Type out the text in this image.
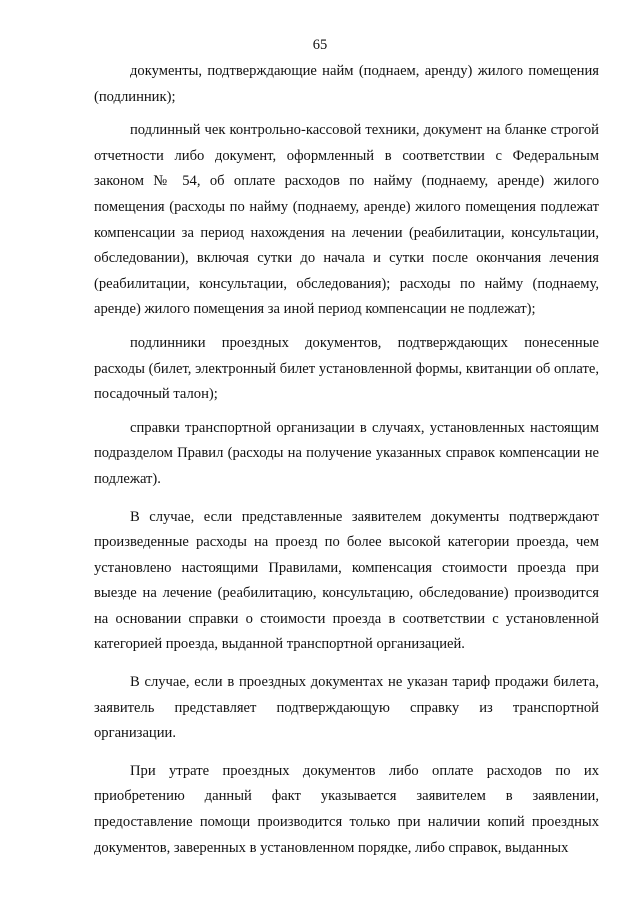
65

документы, подтверждающие найм (поднаем, аренду) жилого помещения (подлинник);

подлинный чек контрольно-кассовой техники, документ на бланке строгой отчетности либо документ, оформленный в соответствии с Федеральным законом № 54, об оплате расходов по найму (поднаему, аренде) жилого помещения (расходы по найму (поднаему, аренде) жилого помещения подлежат компенсации за период нахождения на лечении (реабилитации, консультации, обследовании), включая сутки до начала и сутки после окончания лечения (реабилитации, консультации, обследования); расходы по найму (поднаему, аренде) жилого помещения за иной период компенсации не подлежат);

подлинники проездных документов, подтверждающих понесенные расходы (билет, электронный билет установленной формы, квитанции об оплате, посадочный талон);

справки транспортной организации в случаях, установленных настоящим подразделом Правил (расходы на получение указанных справок компенсации не подлежат).

В случае, если представленные заявителем документы подтверждают произведенные расходы на проезд по более высокой категории проезда, чем установлено настоящими Правилами, компенсация стоимости проезда при выезде на лечение (реабилитацию, консультацию, обследование) производится на основании справки о стоимости проезда в соответствии с установленной категорией проезда, выданной транспортной организацией.

В случае, если в проездных документах не указан тариф продажи билета, заявитель представляет подтверждающую справку из транспортной организации.

При утрате проездных документов либо оплате расходов по их приобретению данный факт указывается заявителем в заявлении, предоставление помощи производится только при наличии копий проездных документов, заверенных в установленном порядке, либо справок, выданных
